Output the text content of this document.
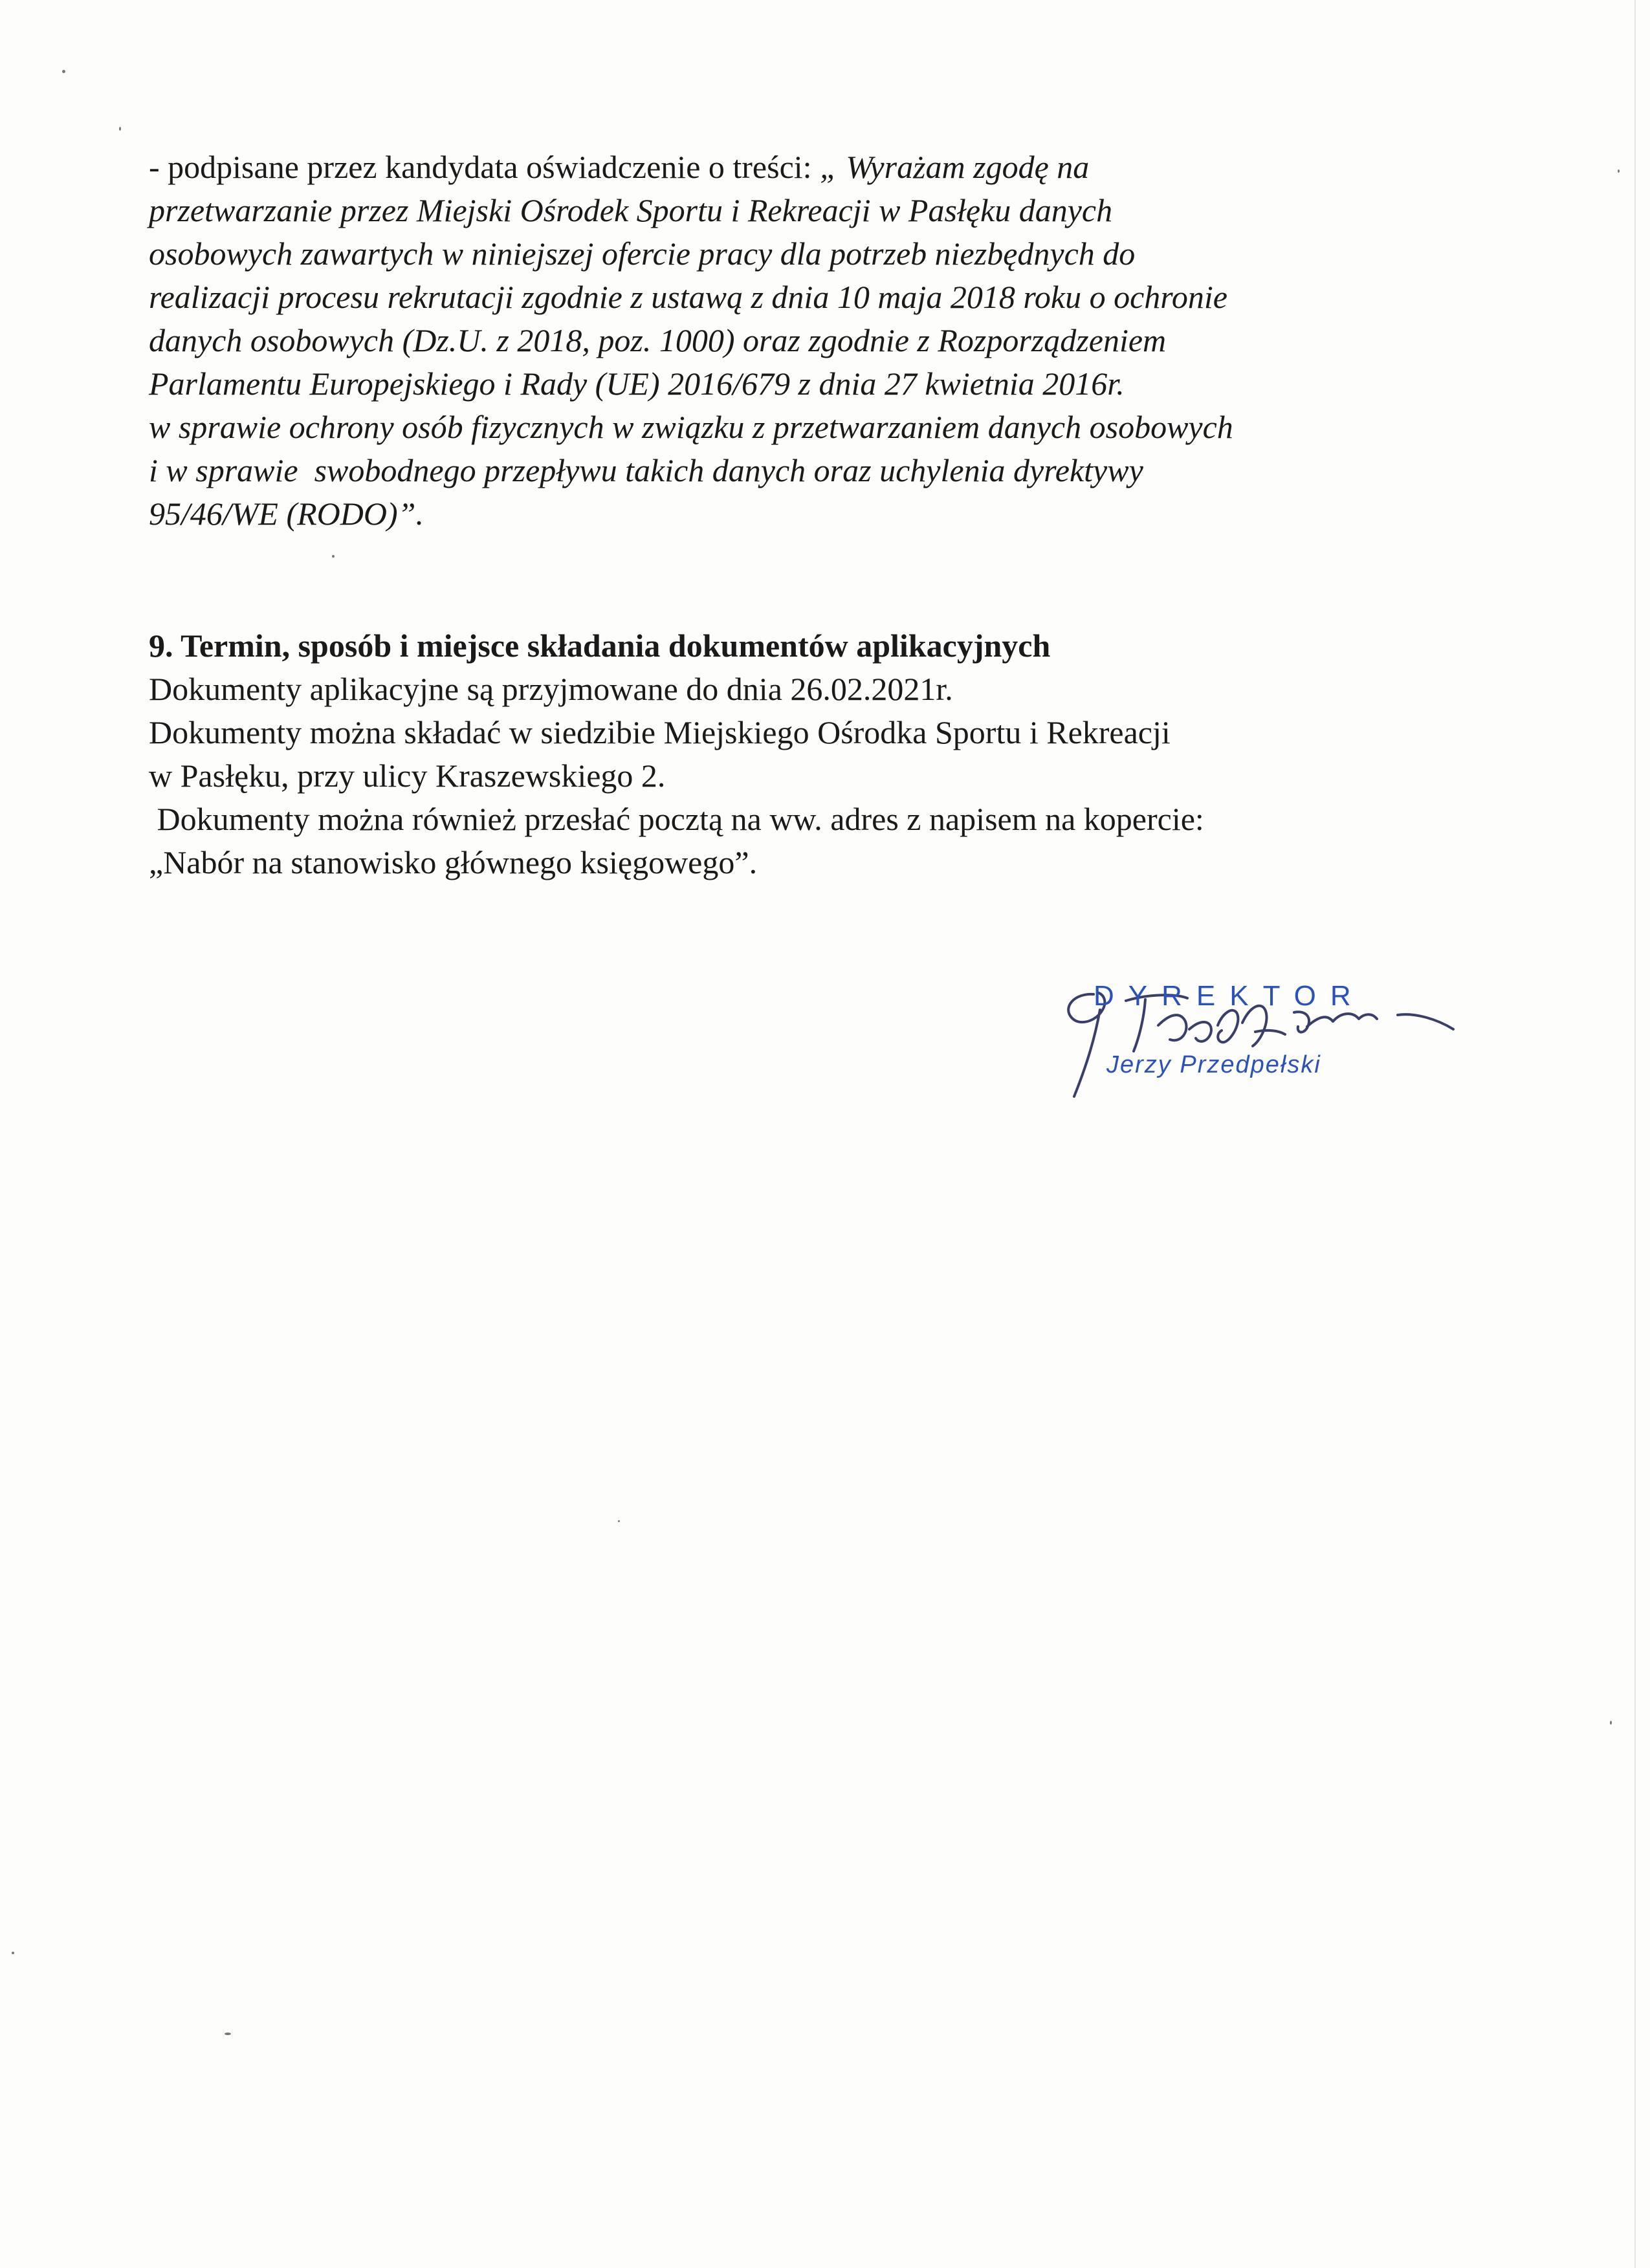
- podpisane przez kandydata oświadczenie o treści: „ Wyrażam zgodę na
przetwarzanie przez Miejski Ośrodek Sportu i Rekreacji w Pasłęku danych
osobowych zawartych w niniejszej ofercie pracy dla potrzeb niezbędnych do
realizacji procesu rekrutacji zgodnie z ustawą z dnia 10 maja 2018 roku o ochronie
danych osobowych (Dz.U. z 2018, poz. 1000) oraz zgodnie z Rozporządzeniem
Parlamentu Europejskiego i Rady (UE) 2016/679 z dnia 27 kwietnia 2016r.
w sprawie ochrony osób fizycznych w związku z przetwarzaniem danych osobowych
i w sprawie  swobodnego przepływu takich danych oraz uchylenia dyrektywy
95/46/WE (RODO)”.
9. Termin, sposób i miejsce składania dokumentów aplikacyjnych
Dokumenty aplikacyjne są przyjmowane do dnia 26.02.2021r.
Dokumenty można składać w siedzibie Miejskiego Ośrodka Sportu i Rekreacji
w Pasłęku, przy ulicy Kraszewskiego 2.
Dokumenty można również przesłać pocztą na ww. adres z napisem na kopercie:
„Nabór na stanowisko głównego księgowego”.
DYREKTOR
Jerzy Przedpełski
